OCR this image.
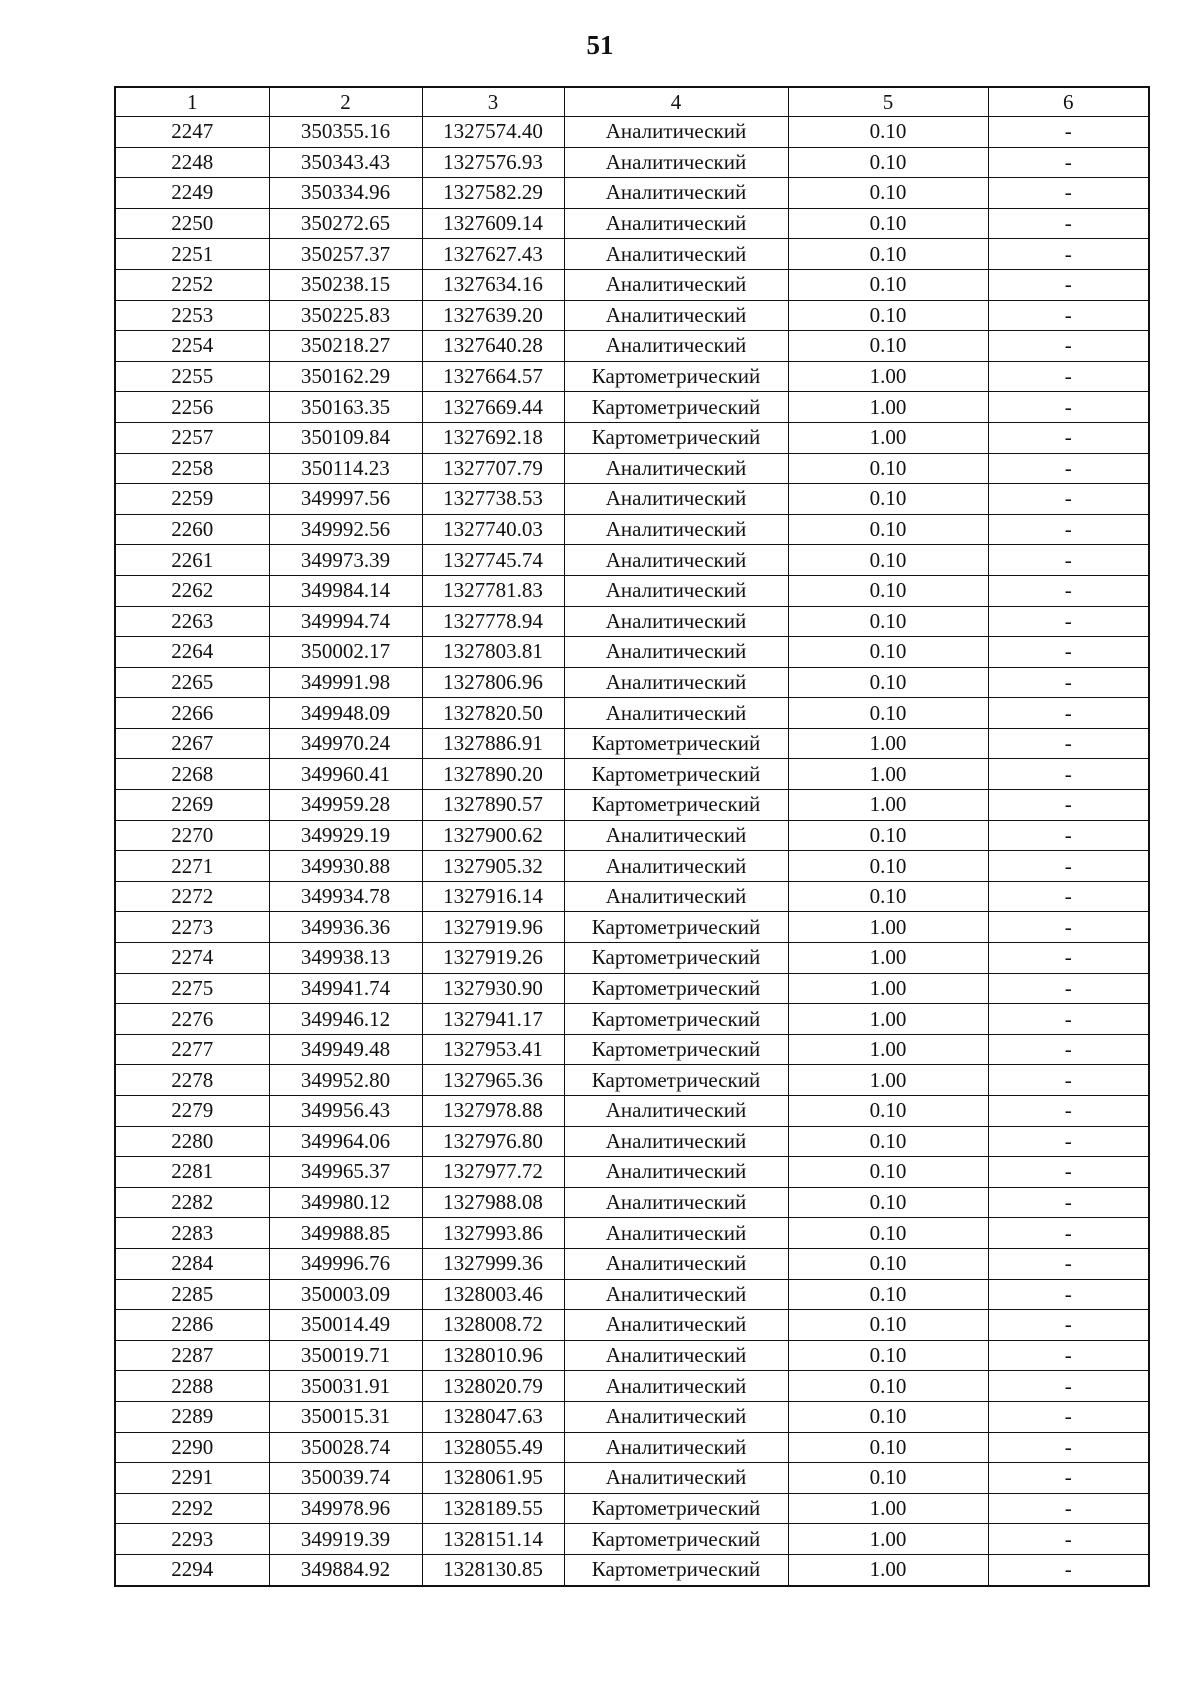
51
1	2	3	4	5	6
2247	350355.16	1327574.40	Аналитический	0.10	-
2248	350343.43	1327576.93	Аналитический	0.10	-
2249	350334.96	1327582.29	Аналитический	0.10	-
2250	350272.65	1327609.14	Аналитический	0.10	-
2251	350257.37	1327627.43	Аналитический	0.10	-
2252	350238.15	1327634.16	Аналитический	0.10	-
2253	350225.83	1327639.20	Аналитический	0.10	-
2254	350218.27	1327640.28	Аналитический	0.10	-
2255	350162.29	1327664.57	Картометрический	1.00	-
2256	350163.35	1327669.44	Картометрический	1.00	-
2257	350109.84	1327692.18	Картометрический	1.00	-
2258	350114.23	1327707.79	Аналитический	0.10	-
2259	349997.56	1327738.53	Аналитический	0.10	-
2260	349992.56	1327740.03	Аналитический	0.10	-
2261	349973.39	1327745.74	Аналитический	0.10	-
2262	349984.14	1327781.83	Аналитический	0.10	-
2263	349994.74	1327778.94	Аналитический	0.10	-
2264	350002.17	1327803.81	Аналитический	0.10	-
2265	349991.98	1327806.96	Аналитический	0.10	-
2266	349948.09	1327820.50	Аналитический	0.10	-
2267	349970.24	1327886.91	Картометрический	1.00	-
2268	349960.41	1327890.20	Картометрический	1.00	-
2269	349959.28	1327890.57	Картометрический	1.00	-
2270	349929.19	1327900.62	Аналитический	0.10	-
2271	349930.88	1327905.32	Аналитический	0.10	-
2272	349934.78	1327916.14	Аналитический	0.10	-
2273	349936.36	1327919.96	Картометрический	1.00	-
2274	349938.13	1327919.26	Картометрический	1.00	-
2275	349941.74	1327930.90	Картометрический	1.00	-
2276	349946.12	1327941.17	Картометрический	1.00	-
2277	349949.48	1327953.41	Картометрический	1.00	-
2278	349952.80	1327965.36	Картометрический	1.00	-
2279	349956.43	1327978.88	Аналитический	0.10	-
2280	349964.06	1327976.80	Аналитический	0.10	-
2281	349965.37	1327977.72	Аналитический	0.10	-
2282	349980.12	1327988.08	Аналитический	0.10	-
2283	349988.85	1327993.86	Аналитический	0.10	-
2284	349996.76	1327999.36	Аналитический	0.10	-
2285	350003.09	1328003.46	Аналитический	0.10	-
2286	350014.49	1328008.72	Аналитический	0.10	-
2287	350019.71	1328010.96	Аналитический	0.10	-
2288	350031.91	1328020.79	Аналитический	0.10	-
2289	350015.31	1328047.63	Аналитический	0.10	-
2290	350028.74	1328055.49	Аналитический	0.10	-
2291	350039.74	1328061.95	Аналитический	0.10	-
2292	349978.96	1328189.55	Картометрический	1.00	-
2293	349919.39	1328151.14	Картометрический	1.00	-
2294	349884.92	1328130.85	Картометрический	1.00	-
